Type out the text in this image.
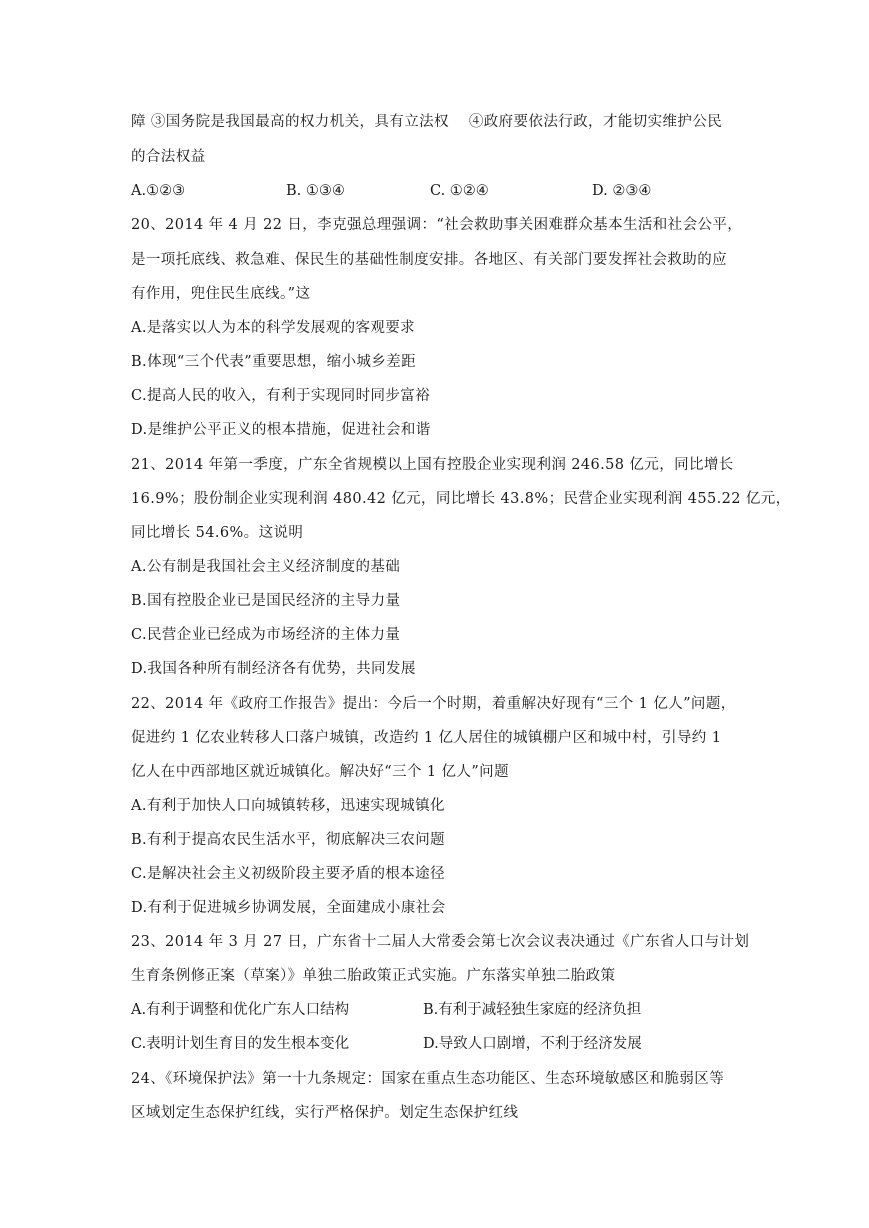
障 ③国务院是我国最高的权力机关，具有立法权　 ④政府要依法行政，才能切实维护公民
的合法权益
A.①②③	B. ①③④	C. ①②④	D. ②③④
20、2014 年 4 月 22 日，李克强总理强调：“社会救助事关困难群众基本生活和社会公平，
是一项托底线、救急难、保民生的基础性制度安排。各地区、有关部门要发挥社会救助的应
有作用，兜住民生底线。”这
A.是落实以人为本的科学发展观的客观要求
B.体现“三个代表”重要思想，缩小城乡差距
C.提高人民的收入，有利于实现同时同步富裕
D.是维护公平正义的根本措施，促进社会和谐
21、2014 年第一季度，广东全省规模以上国有控股企业实现利润 246.58 亿元，同比增长
16.9%；股份制企业实现利润 480.42 亿元，同比增长 43.8%；民营企业实现利润 455.22 亿元，
同比增长 54.6%。这说明
A.公有制是我国社会主义经济制度的基础
B.国有控股企业已是国民经济的主导力量
C.民营企业已经成为市场经济的主体力量
D.我国各种所有制经济各有优势，共同发展
22、2014 年《政府工作报告》提出：今后一个时期，着重解决好现有“三个 1 亿人”问题，
促进约 1 亿农业转移人口落户城镇，改造约 1 亿人居住的城镇棚户区和城中村，引导约 1
亿人在中西部地区就近城镇化。解决好“三个 1 亿人”问题
A.有利于加快人口向城镇转移，迅速实现城镇化
B.有利于提高农民生活水平，彻底解决三农问题
C.是解决社会主义初级阶段主要矛盾的根本途径
D.有利于促进城乡协调发展，全面建成小康社会
23、2014 年 3 月 27 日，广东省十二届人大常委会第七次会议表决通过《广东省人口与计划
生育条例修正案（草案）》单独二胎政策正式实施。广东落实单独二胎政策
A.有利于调整和优化广东人口结构	B.有利于减轻独生家庭的经济负担
C.表明计划生育目的发生根本变化	D.导致人口剧增，不利于经济发展
24、《环境保护法》第一十九条规定：国家在重点生态功能区、生态环境敏感区和脆弱区等
区域划定生态保护红线，实行严格保护。划定生态保护红线
